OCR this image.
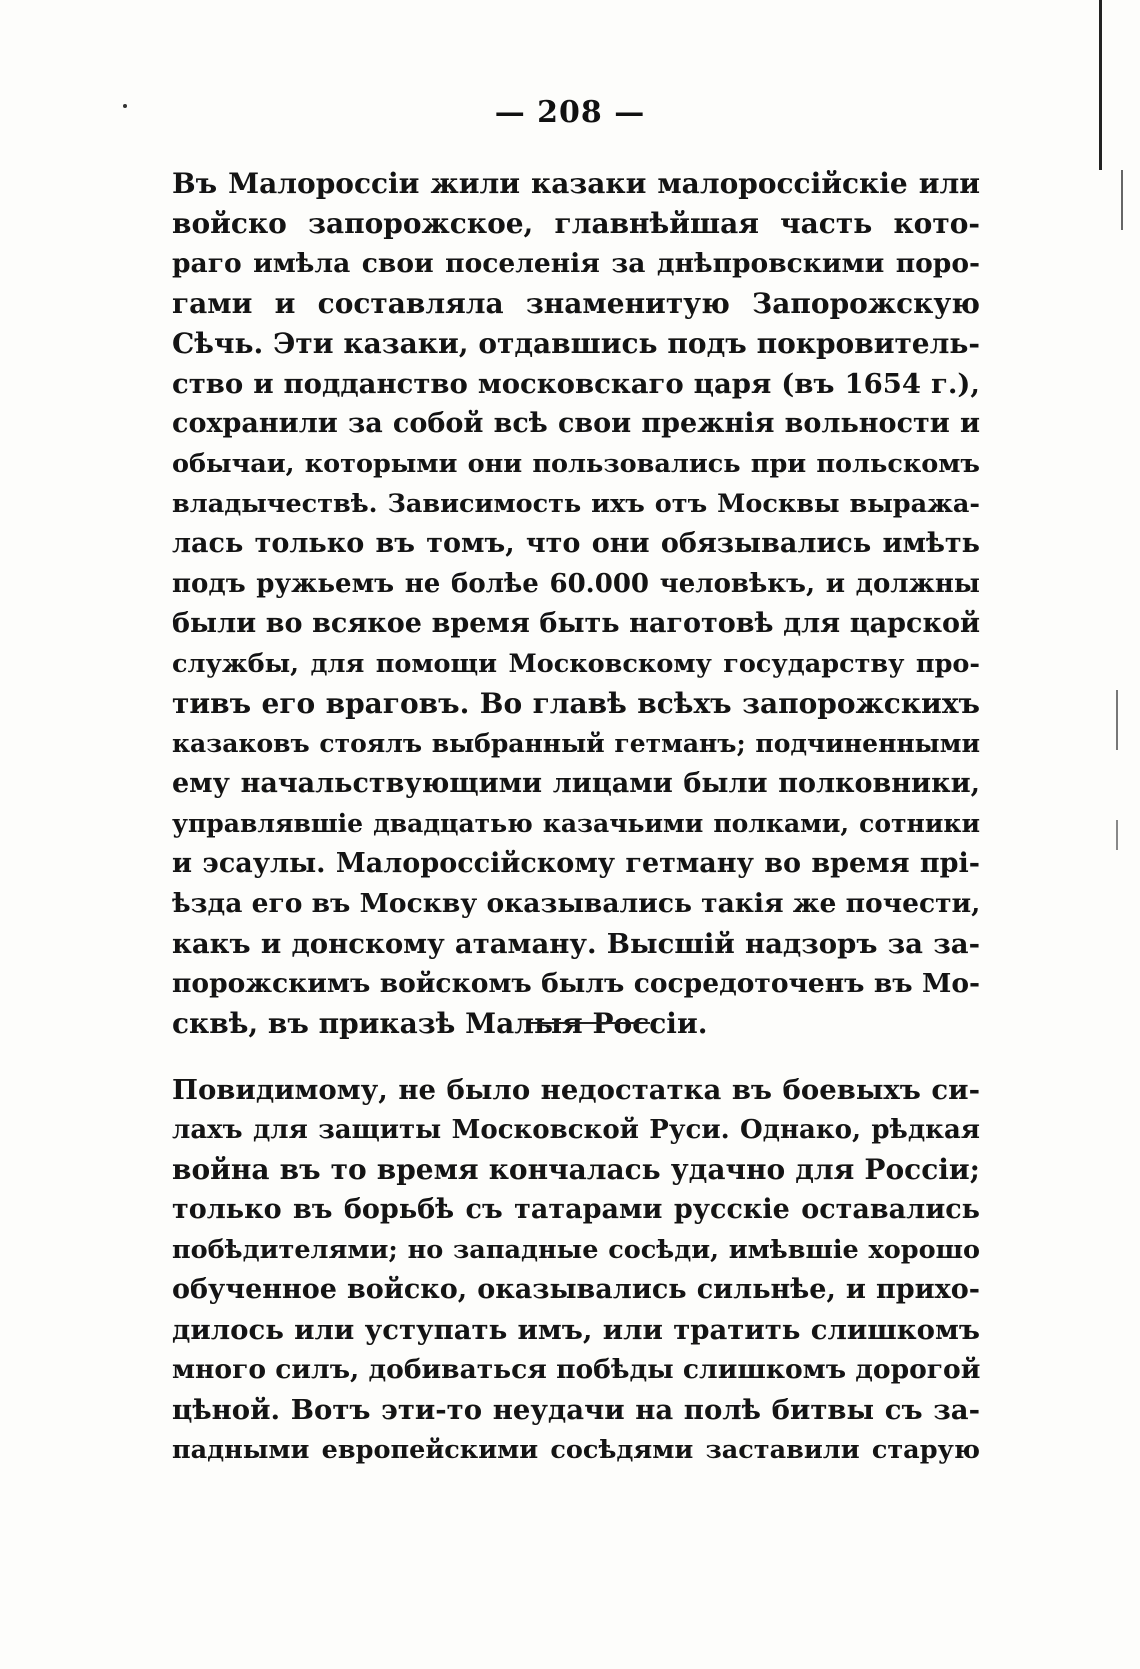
— 208 —
Въ Малороссіи жили казаки малороссійскіе или
войско запорожское, главнѣйшая часть кото-
раго имѣла свои поселенія за днѣпровскими поро-
гами и составляла знаменитую Запорожскую
Сѣчь. Эти казаки, отдавшись подъ покровитель-
ство и подданство московскаго царя (въ 1654 г.),
сохранили за собой всѣ свои прежнія вольности и
обычаи, которыми они пользовались при польскомъ
владычествѣ. Зависимость ихъ отъ Москвы выража-
лась только въ томъ, что они обязывались имѣть
подъ ружьемъ не болѣе 60.000 человѣкъ, и должны
были во всякое время быть наготовѣ для царской
службы, для помощи Московскому государству про-
тивъ его враговъ. Во главѣ всѣхъ запорожскихъ
казаковъ стоялъ выбранный гетманъ; подчиненными
ему начальствующими лицами были полковники,
управлявшіе двадцатью казачьими полками, сотники
и эсаулы. Малороссійскому гетману во время прі-
ѣзда его въ Москву оказывались такія же почести,
какъ и донскому атаману. Высшій надзоръ за за-
порожскимъ войскомъ былъ сосредоточенъ въ Мо-
сквѣ, въ приказѣ Малыя Россіи.
Повидимому, не было недостатка въ боевыхъ си-
лахъ для защиты Московской Руси. Однако, рѣдкая
война въ то время кончалась удачно для Россіи;
только въ борьбѣ съ татарами русскіе оставались
побѣдителями; но западные сосѣди, имѣвшіе хорошо
обученное войско, оказывались сильнѣе, и прихо-
дилось или уступать имъ, или тратить слишкомъ
много силъ, добиваться побѣды слишкомъ дорогой
цѣной. Вотъ эти-то неудачи на полѣ битвы съ за-
падными европейскими сосѣдями заставили старую
